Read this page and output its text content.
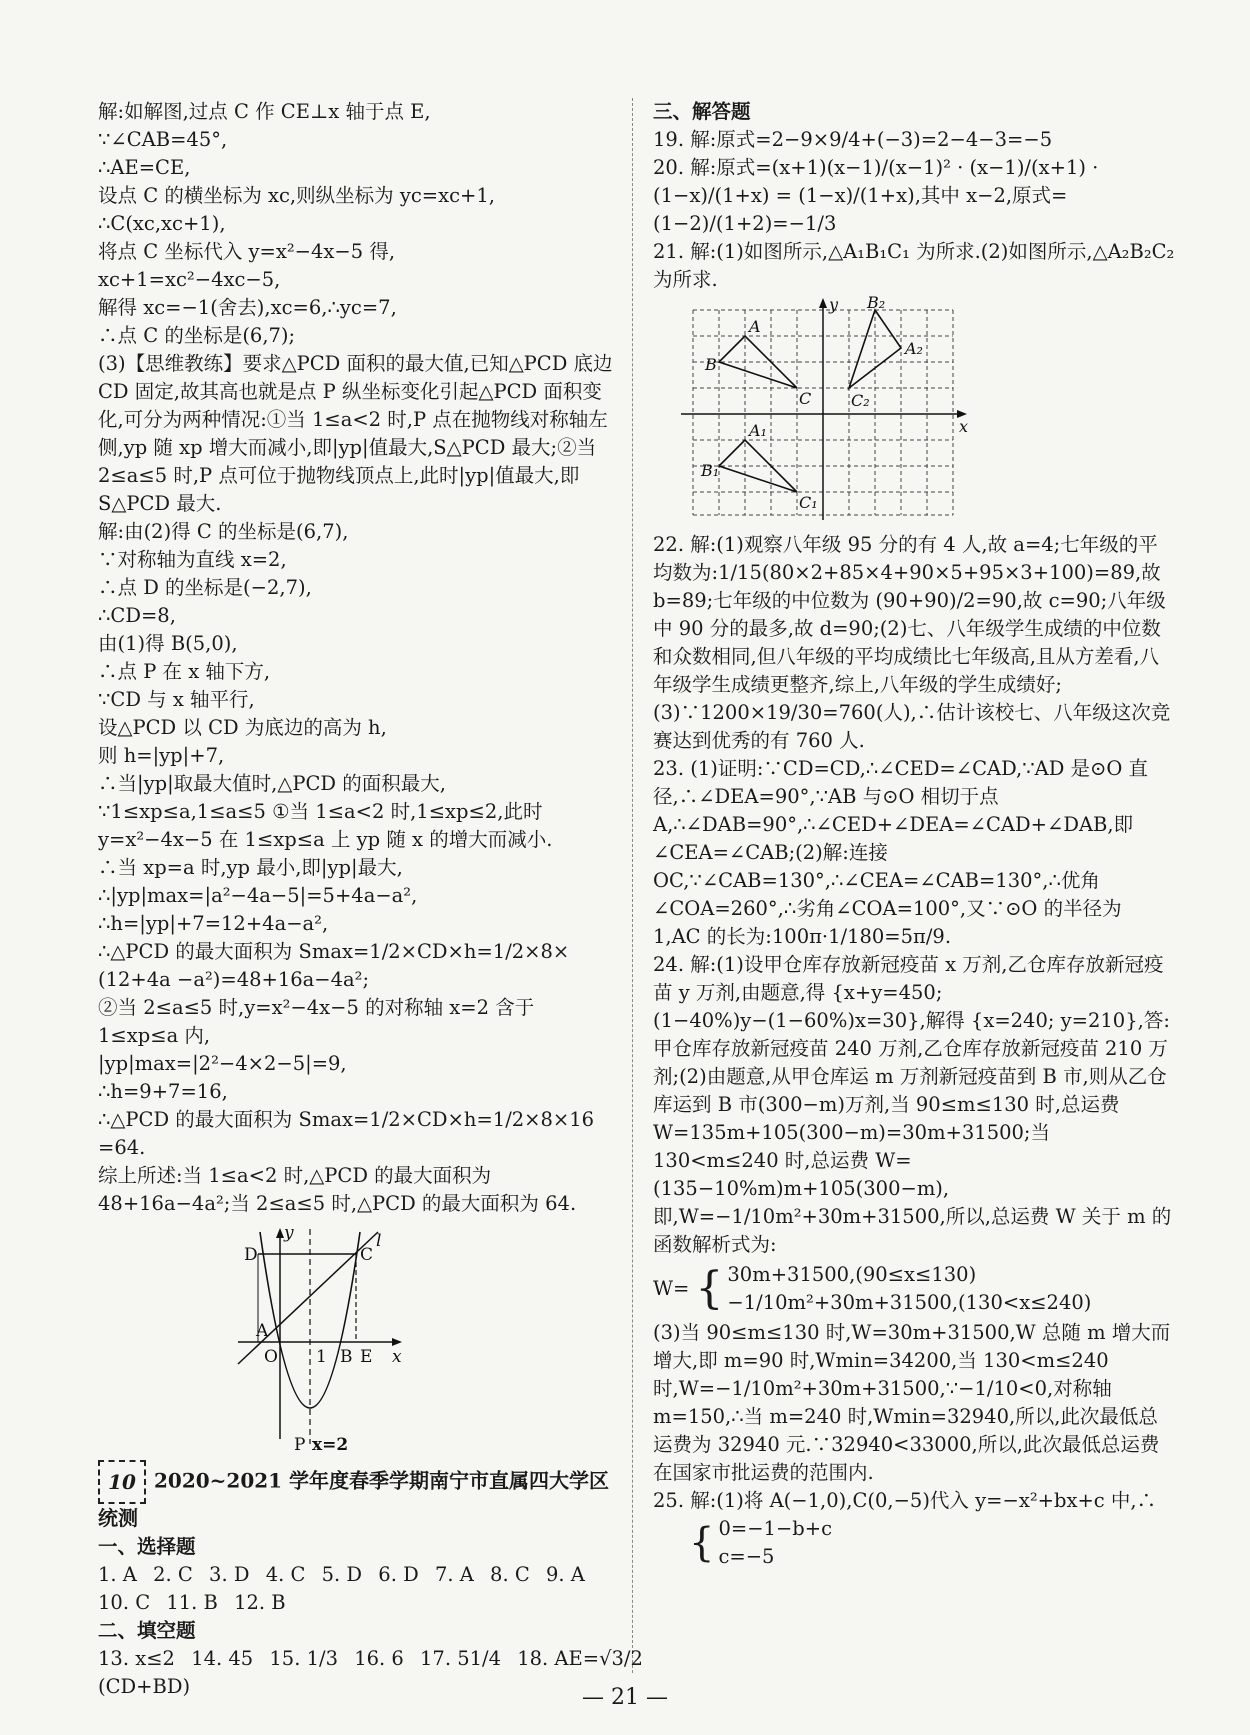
解:如解图,过点 C 作 CE⊥x 轴于点 E,
∵∠CAB=45°,
∴AE=CE,
设点 C 的横坐标为 xc,则纵坐标为 yc=xc+1,
∴C(xc,xc+1),
将点 C 坐标代入 y=x²−4x−5 得,
xc+1=xc²−4xc−5,
解得 xc=−1(舍去),xc=6,∴yc=7,
∴点 C 的坐标是(6,7);
(3)【思维教练】要求△PCD 面积的最大值,已知△PCD 底边 CD 固定,故其高也就是点 P 纵坐标变化引起△PCD 面积变化,可分为两种情况:①当 1≤a<2 时,P 点在抛物线对称轴左侧,yp 随 xp 增大而减小,即|yp|值最大,S△PCD 最大;②当 2≤a≤5 时,P 点可位于抛物线顶点上,此时|yp|值最大,即 S△PCD 最大.
解:由(2)得 C 的坐标是(6,7),
∵对称轴为直线 x=2,
∴点 D 的坐标是(−2,7),
∴CD=8,
由(1)得 B(5,0),
∴点 P 在 x 轴下方,
∵CD 与 x 轴平行,
设△PCD 以 CD 为底边的高为 h,
则 h=|yp|+7,
∴当|yp|取最大值时,△PCD 的面积最大,
∵1≤xp≤a,1≤a≤5 ①当 1≤a<2 时,1≤xp≤2,此时 y=x²−4x−5 在 1≤xp≤a 上 yp 随 x 的增大而减小.
∴当 xp=a 时,yp 最小,即|yp|最大,
∴|yp|max=|a²−4a−5|=5+4a−a²,
∴h=|yp|+7=12+4a−a²,
∴△PCD 的最大面积为 Smax=1/2×CD×h=1/2×8×
(12+4a −a²)=48+16a−4a²;
②当 2≤a≤5 时,y=x²−4x−5 的对称轴 x=2 含于 1≤xp≤a 内,
|yp|max=|2²−4×2−5|=9,
∴h=9+7=16,
∴△PCD 的最大面积为 Smax=1/2×CD×h=1/2×8×16
=64.
综上所述:当 1≤a<2 时,△PCD 的最大面积为 48+16a−4a²;当 2≤a≤5 时,△PCD 的最大面积为 64.
y	l
D	C
A
O 1 B E x
P x=2
10 2020~2021 学年度春季学期南宁市直属四大学区统测
一、选择题
1. A 2. C 3. D 4. C 5. D 6. D 7. A 8. C 9. A
10. C 11. B 12. B
二、填空题
13. x≤2 14. 45 15. 1/3 16. 6 17. 51/4 18. AE=√3/2
(CD+BD)
三、解答题
19. 解:原式=2−9×9/4+(−3)=2−4−3=−5
20. 解:原式=(x+1)(x−1)/(x−1)² · (x−1)/(x+1) · (1−x)/(1+x) = (1−x)/(1+x),其中 x−2,原式=(1−2)/(1+2)=−1/3
21. 解:(1)如图所示,△A₁B₁C₁ 为所求.(2)如图所示,△A₂B₂C₂ 为所求.
y
x
A
B
C
A₁
B₁
C₁
B₂
A₂
C₂
22. 解:(1)观察八年级 95 分的有 4 人,故 a=4;七年级的平均数为:1/15(80×2+85×4+90×5+95×3+100)=89,故 b=89;七年级的中位数为 (90+90)/2=90,故 c=90;八年级中 90 分的最多,故 d=90;(2)七、八年级学生成绩的中位数和众数相同,但八年级的平均成绩比七年级高,且从方差看,八年级学生成绩更整齐,综上,八年级的学生成绩好;(3)∵1200×19/30=760(人),∴估计该校七、八年级这次竞赛达到优秀的有 760 人.
23. (1)证明:∵CD=CD,∴∠CED=∠CAD,∵AD 是⊙O 直径,∴∠DEA=90°,∵AB 与⊙O 相切于点 A,∴∠DAB=90°,∴∠CED+∠DEA=∠CAD+∠DAB,即∠CEA=∠CAB;(2)解:连接 OC,∵∠CAB=130°,∴∠CEA=∠CAB=130°,∴优角∠COA=260°,∴劣角∠COA=100°,又∵⊙O 的半径为 1,AC 的长为:100π·1/180=5π/9.
24. 解:(1)设甲仓库存放新冠疫苗 x 万剂,乙仓库存放新冠疫苗 y 万剂,由题意,得 {x+y=450; (1−40%)y−(1−60%)x=30},解得 {x=240; y=210},答:甲仓库存放新冠疫苗 240 万剂,乙仓库存放新冠疫苗 210 万剂;(2)由题意,从甲仓库运 m 万剂新冠疫苗到 B 市,则从乙仓库运到 B 市(300−m)万剂,当 90≤m≤130 时,总运费 W=135m+105(300−m)=30m+31500;当 130<m≤240 时,总运费 W=(135−10%m)m+105(300−m),即,W=−1/10m²+30m+31500,所以,总运费 W 关于 m 的函数解析式为:
W= { 30m+31500,(90≤x≤130)
−1/10m²+30m+31500,(130<x≤240)
(3)当 90≤m≤130 时,W=30m+31500,W 总随 m 增大而增大,即 m=90 时,Wmin=34200,当 130<m≤240 时,W=−1/10m²+30m+31500,∵−1/10<0,对称轴 m=150,∴当 m=240 时,Wmin=32940,所以,此次最低总运费为 32940 元.∵32940<33000,所以,此次最低总运费在国家市批运费的范围内.
25. 解:(1)将 A(−1,0),C(0,−5)代入 y=−x²+bx+c 中,∴
{ 0=−1−b+c
c=−5
— 21 —
